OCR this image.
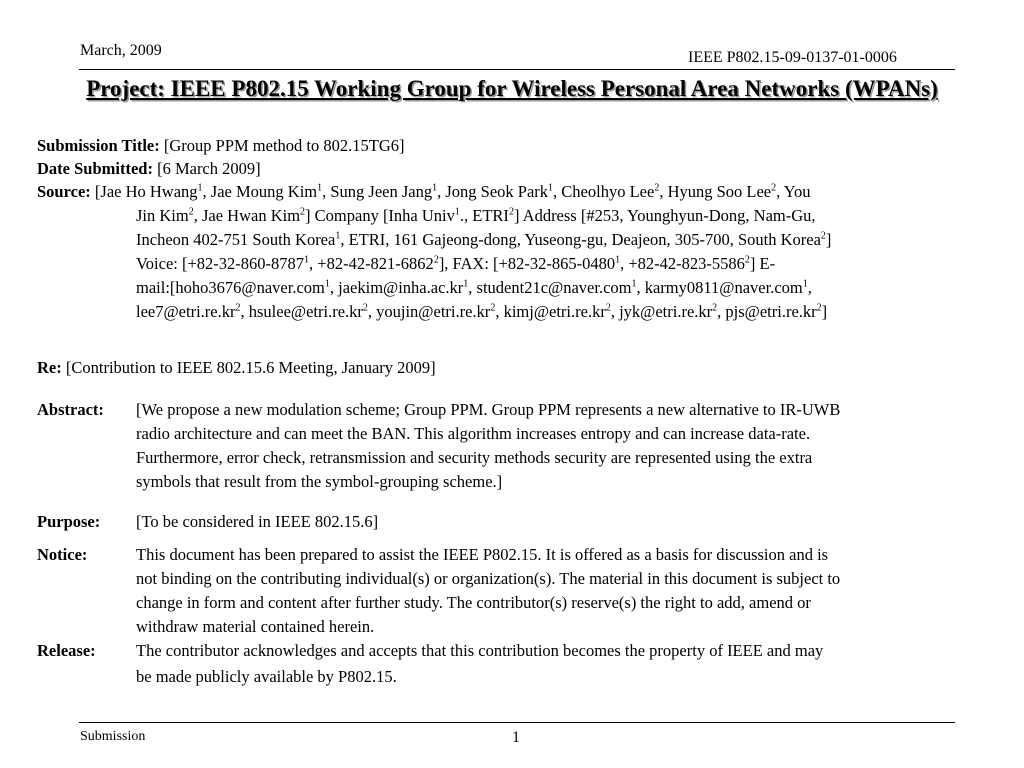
March, 2009	IEEE P802.15-09-0137-01-0006
Project: IEEE P802.15 Working Group for Wireless Personal Area Networks (WPANs)
Submission Title: [Group PPM method to 802.15TG6]
Date Submitted: [6 March 2009]
Source: [Jae Ho Hwang$^1$, Jae Moung Kim$^1$, Sung Jeen Jang$^1$, Jong Seok Park$^1$, Cheolhyo Lee$^2$, Hyung Soo Lee$^2$, You
Jin Kim$^2$, Jae Hwan Kim$^2$] Company [Inha Univ$^1$., ETRI$^2$] Address [#253, Younghyun-Dong, Nam-Gu,
Incheon 402-751 South Korea$^1$, ETRI, 161 Gajeong-dong, Yuseong-gu, Deajeon, 305-700, South Korea$^2$]
Voice: [$+82-32-860-8787^1$, $+82-42-821-6862^2$], FAX: [$+82-32-865-0480^1$, $+82-42-823-5586^2$] E-
mail:[hoho3676@naver.com$^1$, $jaekim@inha.ac.kr^1$, student21c@naver.com$^1$, karmy0811@naver.com$^1$,
$lee7@etri.re.kr^2$, $hsulee@etri.re.kr^2$, $youjin@etri.re.kr^2$, $kimj@etri.re.kr^2$, $jyk@etri.re.kr^2$, $pjs@etri.re.kr^2$]
Re: [Contribution to IEEE 802.15.6 Meeting, January 2009]
Abstract: [We propose a new modulation scheme; Group PPM. Group PPM represents a new alternative to IR-UWB
radio architecture and can meet the BAN. This algorithm increases entropy and can increase data-rate.
Furthermore, error check, retransmission and security methods security are represented using the extra
symbols that result from the symbol-grouping scheme.]
Purpose: [To be considered in IEEE 802.15.6]
Notice:	This document has been prepared to assist the IEEE P802.15. It is offered as a basis for discussion and is
not binding on the contributing individual(s) or organization(s). The material in this document is subject to
change in form and content after further study. The contributor(s) reserve(s) the right to add, amend or
withdraw material contained herein.
Release: The contributor acknowledges and accepts that this contribution becomes the property of IEEE and may
be made publicly available by P802.15.
Submission	1
